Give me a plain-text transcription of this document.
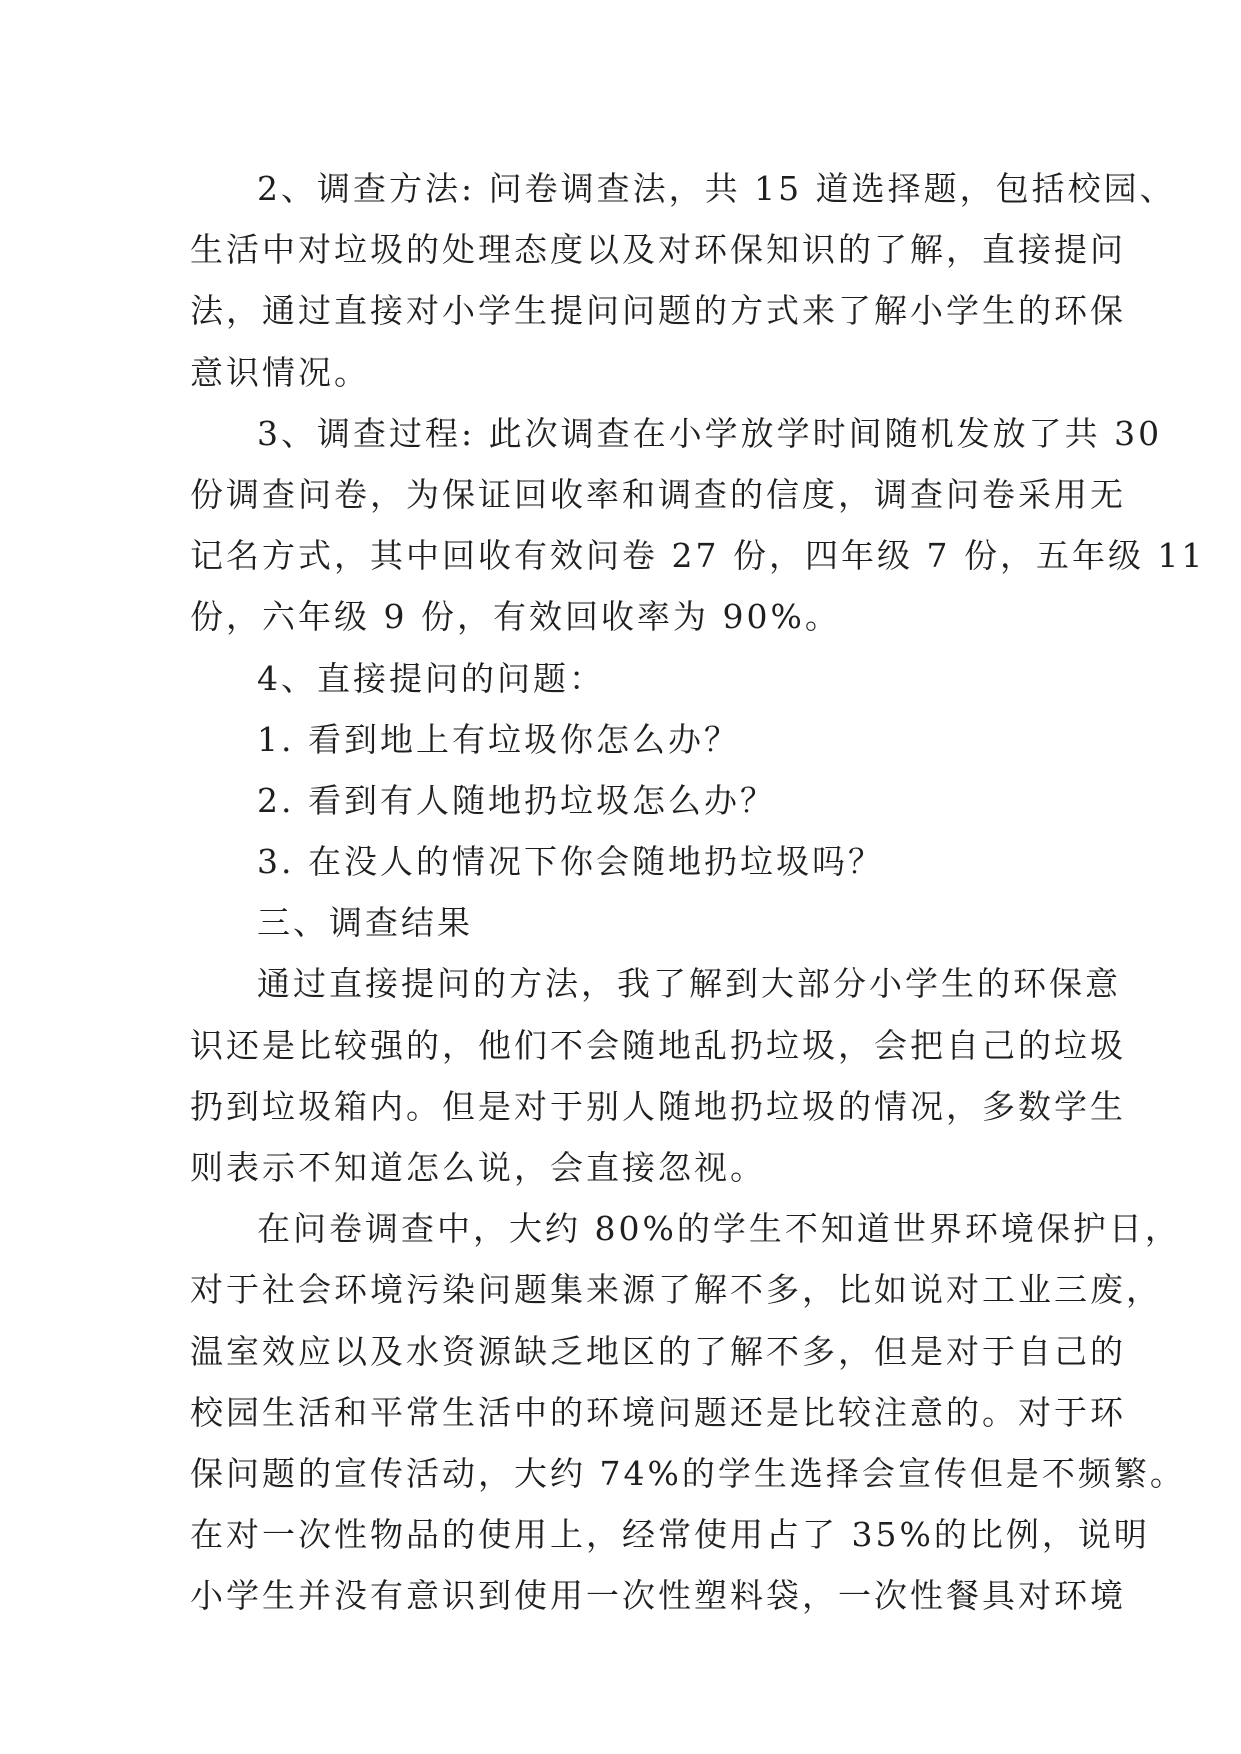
2、调查方法: 问卷调查法，共 15 道选择题，包括校园、
生活中对垃圾的处理态度以及对环保知识的了解，直接提问
法，通过直接对小学生提问问题的方式来了解小学生的环保
意识情况。
3、调查过程: 此次调查在小学放学时间随机发放了共 30
份调查问卷，为保证回收率和调查的信度，调查问卷采用无
记名方式，其中回收有效问卷 27 份，四年级 7 份，五年级 11
份，六年级 9 份，有效回收率为 90%。
4、直接提问的问题：
1. 看到地上有垃圾你怎么办？
2. 看到有人随地扔垃圾怎么办？
3. 在没人的情况下你会随地扔垃圾吗？
三、调查结果
通过直接提问的方法，我了解到大部分小学生的环保意
识还是比较强的，他们不会随地乱扔垃圾，会把自己的垃圾
扔到垃圾箱内。但是对于别人随地扔垃圾的情况，多数学生
则表示不知道怎么说，会直接忽视。
在问卷调查中，大约 80%的学生不知道世界环境保护日，
对于社会环境污染问题集来源了解不多，比如说对工业三废，
温室效应以及水资源缺乏地区的了解不多，但是对于自己的
校园生活和平常生活中的环境问题还是比较注意的。对于环
保问题的宣传活动，大约 74%的学生选择会宣传但是不频繁。
在对一次性物品的使用上，经常使用占了 35%的比例，说明
小学生并没有意识到使用一次性塑料袋，一次性餐具对环境
